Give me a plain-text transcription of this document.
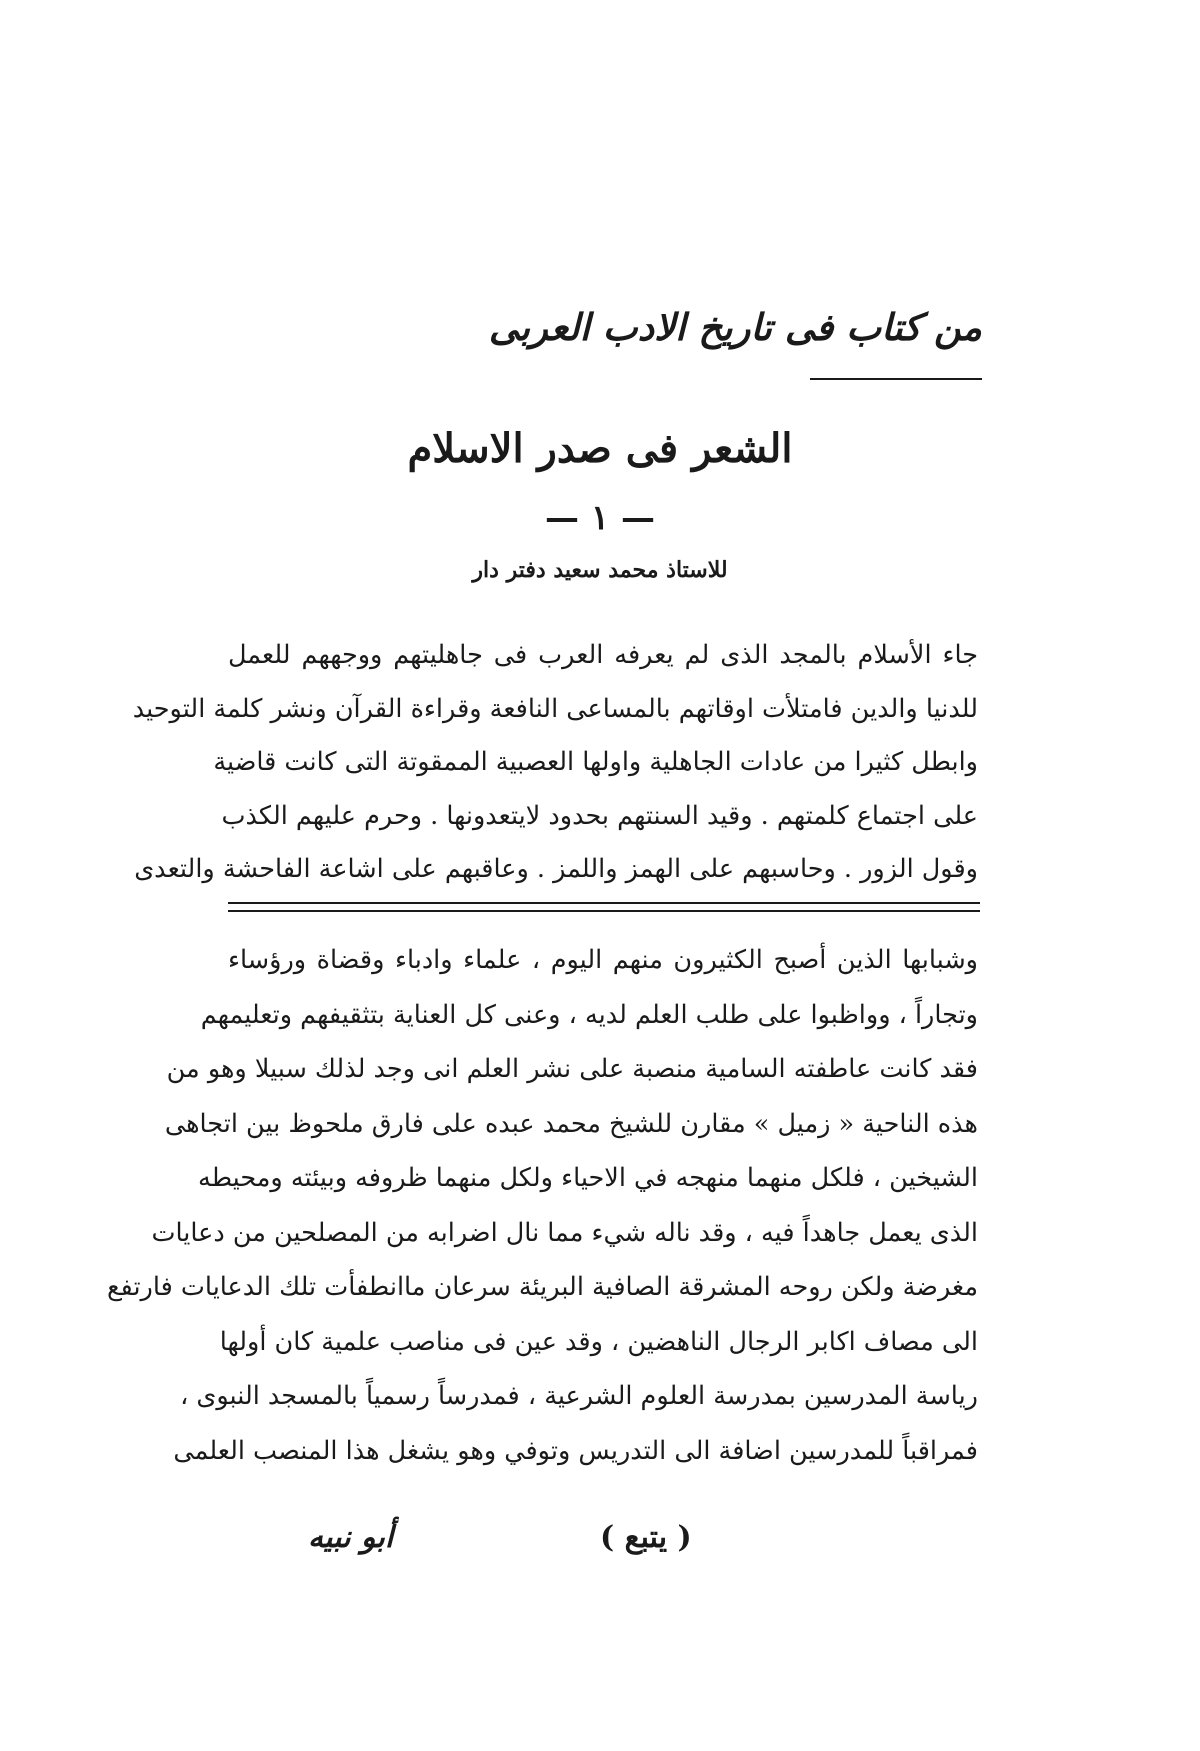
من كتاب فى تاريخ الادب العربى
الشعر فى صدر الاسلام
— ١ —
للاستاذ محمد سعيد دفتر دار
جاء الأسلام بالمجد الذى لم يعرفه العرب فى جاهليتهم ووجههم للعمل
للدنيا والدين فامتلأت اوقاتهم بالمساعى النافعة وقراءة القرآن ونشر كلمة التوحيد
وابطل كثيرا من عادات الجاهلية واولها العصبية الممقوتة التى كانت قاضية
على اجتماع كلمتهم . وقيد السنتهم بحدود لايتعدونها . وحرم عليهم الكذب
وقول الزور . وحاسبهم على الهمز واللمز . وعاقبهم على اشاعة الفاحشة والتعدى
وشبابها الذين أصبح الكثيرون منهم اليوم ، علماء وادباء وقضاة ورؤساء
وتجاراً ، وواظبوا على طلب العلم لديه ، وعنى كل العناية بتثقيفهم وتعليمهم
فقد كانت عاطفته السامية منصبة على نشر العلم انى وجد لذلك سبيلا وهو من
هذه الناحية « زميل » مقارن للشيخ محمد عبده على فارق ملحوظ بين اتجاهى
الشيخين ، فلكل منهما منهجه في الاحياء ولكل منهما ظروفه وبيئته ومحيطه
الذى يعمل جاهداً فيه ، وقد ناله شيء مما نال اضرابه من المصلحين من دعايات
مغرضة ولكن روحه المشرقة الصافية البريئة سرعان ماانطفأت تلك الدعايات فارتفع
الى مصاف اكابر الرجال الناهضين ، وقد عين فى مناصب علمية كان أولها
رياسة المدرسين بمدرسة العلوم الشرعية ، فمدرساً رسمياً بالمسجد النبوى ،
فمراقباً للمدرسين اضافة الى التدريس وتوفي وهو يشغل هذا المنصب العلمى
( يتبع )
أبو نبيه
